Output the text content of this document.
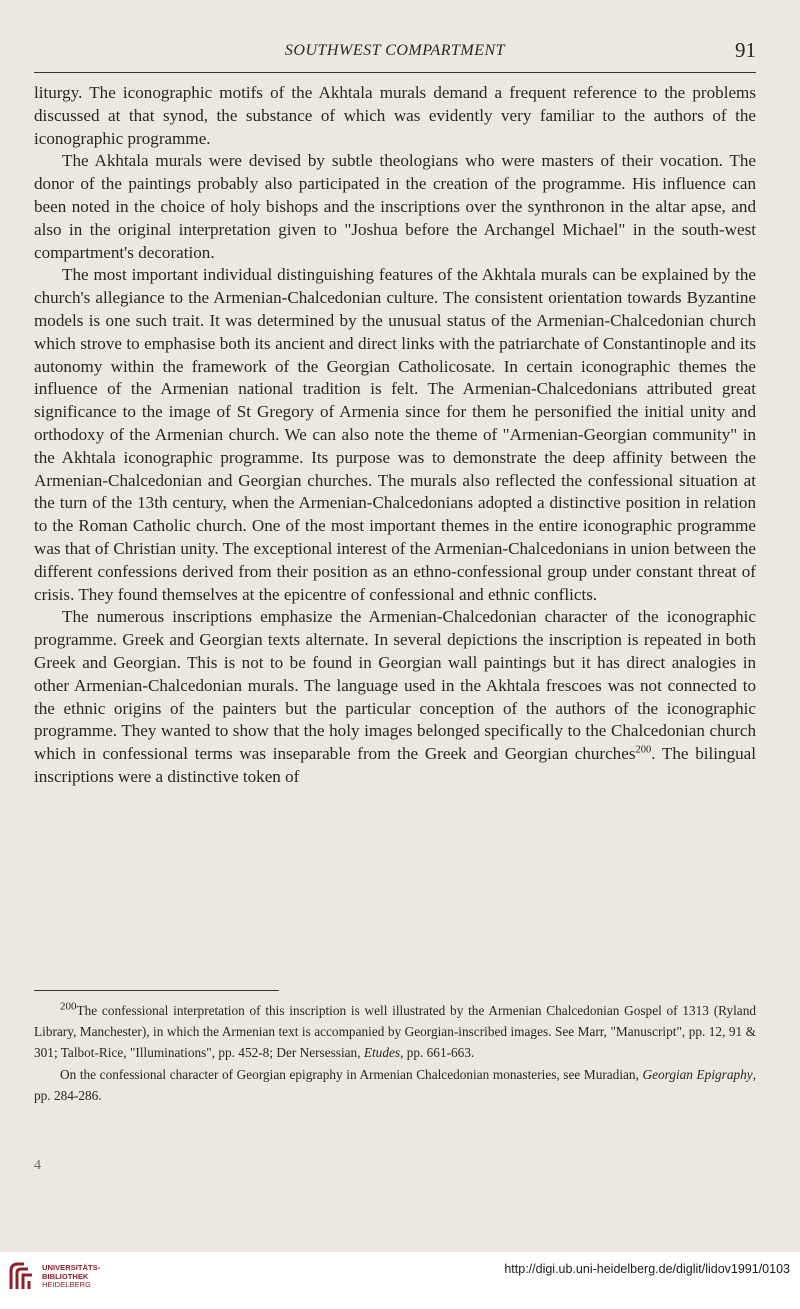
SOUTHWEST COMPARTMENT	91

liturgy. The iconographic motifs of the Akhtala murals demand a frequent reference to the problems discussed at that synod, the substance of which was evidently very familiar to the authors of the iconographic programme.

The Akhtala murals were devised by subtle theologians who were masters of their vocation. The donor of the paintings probably also participated in the creation of the programme. His influence can been noted in the choice of holy bishops and the inscriptions over the synthronon in the altar apse, and also in the original interpretation given to "Joshua before the Archangel Michael" in the south-west compartment's decoration.

The most important individual distinguishing features of the Akhtala murals can be explained by the church's allegiance to the Armenian-Chalcedonian culture. The consistent orientation towards Byzantine models is one such trait. It was determined by the unusual status of the Armenian-Chalcedonian church which strove to emphasise both its ancient and direct links with the patriarchate of Constantinople and its autonomy within the framework of the Georgian Catholicosate. In certain iconographic themes the influence of the Armenian national tradition is felt. The Armenian-Chalcedonians attributed great significance to the image of St Gregory of Armenia since for them he personified the initial unity and orthodoxy of the Armenian church. We can also note the theme of "Armenian-Georgian community" in the Akhtala iconographic programme. Its purpose was to demonstrate the deep affinity between the Armenian-Chalcedonian and Georgian churches. The murals also reflected the confessional situation at the turn of the 13th century, when the Armenian-Chalcedonians adopted a distinctive position in relation to the Roman Catholic church. One of the most important themes in the entire iconographic programme was that of Christian unity. The exceptional interest of the Armenian-Chalcedonians in union between the different confessions derived from their position as an ethno-confessional group under constant threat of crisis. They found themselves at the epicentre of confessional and ethnic conflicts.

The numerous inscriptions emphasize the Armenian-Chalcedonian character of the iconographic programme. Greek and Georgian texts alternate. In several depictions the inscription is repeated in both Greek and Georgian. This is not to be found in Georgian wall paintings but it has direct analogies in other Armenian-Chalcedonian murals. The language used in the Akhtala frescoes was not connected to the ethnic origins of the painters but the particular conception of the authors of the iconographic programme. They wanted to show that the holy images belonged specifically to the Chalcedonian church which in confessional terms was inseparable from the Greek and Georgian churches$^{200}$. The bilingual inscriptions were a distinctive token of

$^{200}$The confessional interpretation of this inscription is well illustrated by the Armenian Chalcedonian Gospel of 1313 (Ryland Library, Manchester), in which the Armenian text is accompanied by Georgian-inscribed images. See Marr, "Manuscript", pp. 12, 91 & 301; Talbot-Rice, "Illuminations", pp. 452-8; Der Nersessian, Etudes, pp. 661-663.

On the confessional character of Georgian epigraphy in Armenian Chalcedonian monasteries, see Muradian, Georgian Epigraphy, pp. 284-286.

4
UNIVERSITÄTS-
BIBLIOTHEK
HEIDELBERG
http://digi.ub.uni-heidelberg.de/diglit/lidov1991/0103
